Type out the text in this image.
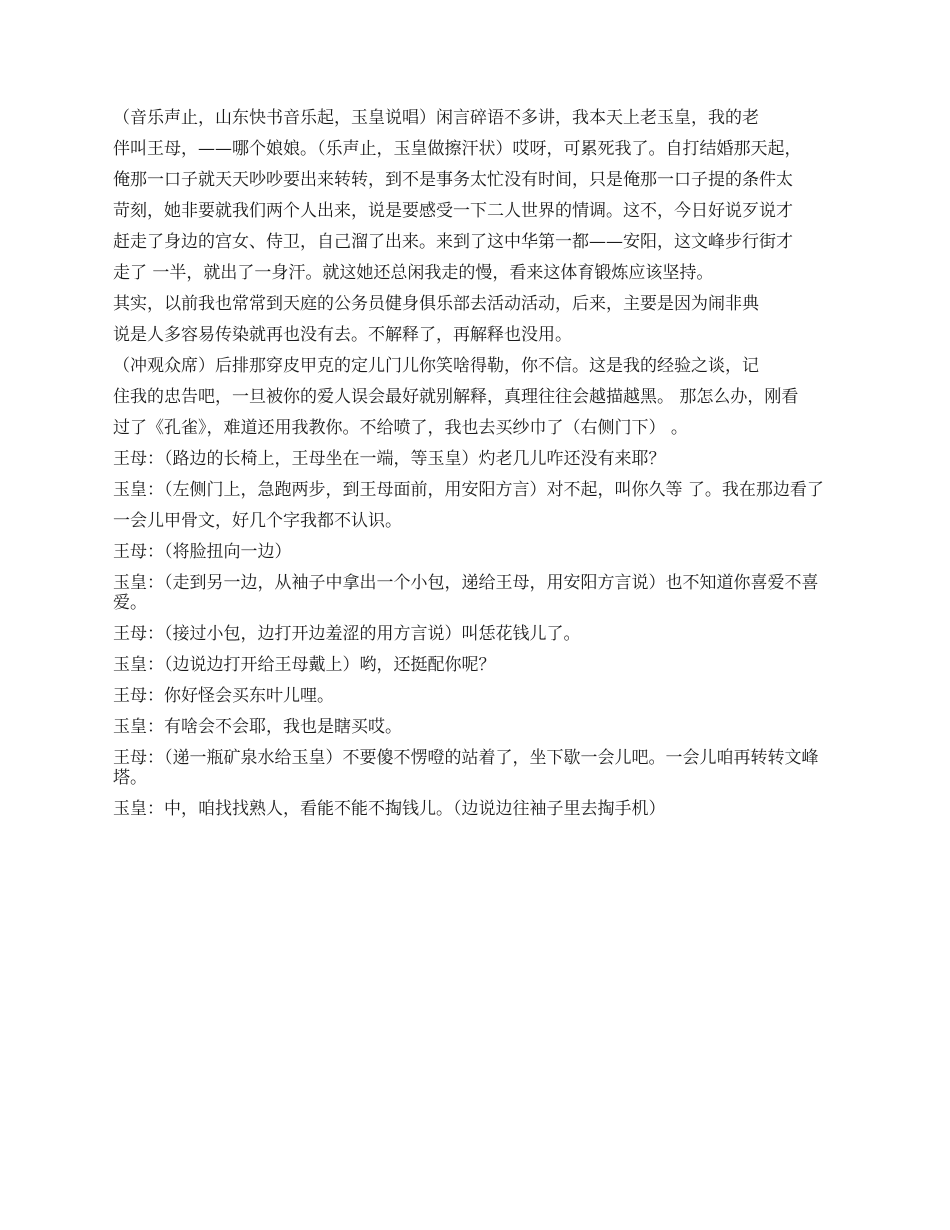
（音乐声止，山东快书音乐起，玉皇说唱）闲言碎语不多讲，我本天上老玉皇，我的老

伴叫王母，——哪个娘娘。（乐声止，玉皇做擦汗状）哎呀，可累死我了。自打结婚那天起，

俺那一口子就天天吵吵要出来转转，到不是事务太忙没有时间，只是俺那一口子提的条件太

苛刻，她非要就我们两个人出来，说是要感受一下二人世界的情调。这不，今日好说歹说才

赶走了身边的宫女、侍卫，自己溜了出来。来到了这中华第一都——安阳，这文峰步行街才

走了 一半，就出了一身汗。就这她还总闲我走的慢，看来这体育锻炼应该坚持。

其实，以前我也常常到天庭的公务员健身俱乐部去活动活动，后来，主要是因为闹非典

说是人多容易传染就再也没有去。不解释了，再解释也没用。

（冲观众席）后排那穿皮甲克的定儿门儿你笑啥得勒，你不信。这是我的经验之谈，记

住我的忠告吧，一旦被你的爱人误会最好就别解释，真理往往会越描越黑。 那怎么办，刚看

过了《孔雀》，难道还用我教你。不给喷了，我也去买纱巾了（右侧门下） 。

王母：（路边的长椅上，王母坐在一端，等玉皇）灼老几儿咋还没有来耶？

玉皇：（左侧门上，急跑两步，到王母面前，用安阳方言）对不起，叫你久等 了。我在那边看了

一会儿甲骨文，好几个字我都不认识。

王母：（将脸扭向一边）

玉皇：（走到另一边，从袖子中拿出一个小包，递给王母，用安阳方言说）也不知道你喜爱不喜爱。

王母：（接过小包，边打开边羞涩的用方言说）叫恁花钱儿了。

玉皇：（边说边打开给王母戴上）哟，还挺配你呢？

王母：你好怪会买东叶儿哩。

玉皇：有啥会不会耶，我也是瞎买哎。

王母：（递一瓶矿泉水给玉皇）不要傻不愣噔的站着了，坐下歇一会儿吧。一会儿咱再转转文峰塔。

玉皇：中，咱找找熟人，看能不能不掏钱儿。（边说边往袖子里去掏手机）
